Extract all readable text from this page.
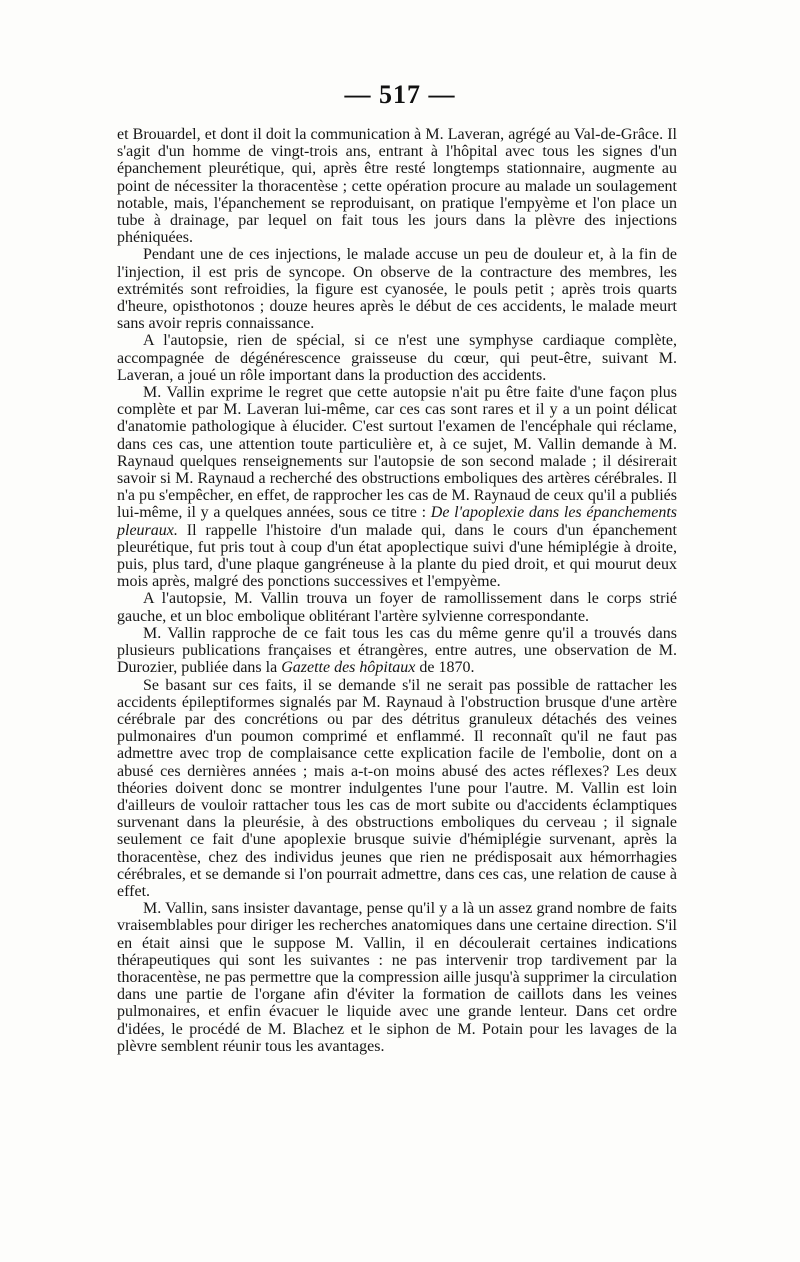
— 517 —

et Brouardel, et dont il doit la communication à M. Laveran, agrégé au Val-de-Grâce. Il s'agit d'un homme de vingt-trois ans, entrant à l'hôpital avec tous les signes d'un épanchement pleurétique, qui, après être resté longtemps stationnaire, augmente au point de nécessiter la thoracentèse ; cette opération procure au malade un soulagement notable, mais, l'épanchement se reproduisant, on pratique l'empyème et l'on place un tube à drainage, par lequel on fait tous les jours dans la plèvre des injections phéniquées.

Pendant une de ces injections, le malade accuse un peu de douleur et, à la fin de l'injection, il est pris de syncope. On observe de la contracture des membres, les extrémités sont refroidies, la figure est cyanosée, le pouls petit ; après trois quarts d'heure, opisthotonos ; douze heures après le début de ces accidents, le malade meurt sans avoir repris connaissance.

A l'autopsie, rien de spécial, si ce n'est une symphyse cardiaque complète, accompagnée de dégénérescence graisseuse du cœur, qui peut-être, suivant M. Laveran, a joué un rôle important dans la production des accidents.

M. Vallin exprime le regret que cette autopsie n'ait pu être faite d'une façon plus complète et par M. Laveran lui-même, car ces cas sont rares et il y a un point délicat d'anatomie pathologique à élucider. C'est surtout l'examen de l'encéphale qui réclame, dans ces cas, une attention toute particulière et, à ce sujet, M. Vallin demande à M. Raynaud quelques renseignements sur l'autopsie de son second malade ; il désirerait savoir si M. Raynaud a recherché des obstructions emboliques des artères cérébrales. Il n'a pu s'empêcher, en effet, de rapprocher les cas de M. Raynaud de ceux qu'il a publiés lui-même, il y a quelques années, sous ce titre : De l'apoplexie dans les épanchements pleuraux. Il rappelle l'histoire d'un malade qui, dans le cours d'un épanchement pleurétique, fut pris tout à coup d'un état apoplectique suivi d'une hémiplégie à droite, puis, plus tard, d'une plaque gangréneuse à la plante du pied droit, et qui mourut deux mois après, malgré des ponctions successives et l'empyème.

A l'autopsie, M. Vallin trouva un foyer de ramollissement dans le corps strié gauche, et un bloc embolique oblitérant l'artère sylvienne correspondante.

M. Vallin rapproche de ce fait tous les cas du même genre qu'il a trouvés dans plusieurs publications françaises et étrangères, entre autres, une observation de M. Durozier, publiée dans la Gazette des hôpitaux de 1870.

Se basant sur ces faits, il se demande s'il ne serait pas possible de rattacher les accidents épileptiformes signalés par M. Raynaud à l'obstruction brusque d'une artère cérébrale par des concrétions ou par des détritus granuleux détachés des veines pulmonaires d'un poumon comprimé et enflammé. Il reconnaît qu'il ne faut pas admettre avec trop de complaisance cette explication facile de l'embolie, dont on a abusé ces dernières années ; mais a-t-on moins abusé des actes réflexes? Les deux théories doivent donc se montrer indulgentes l'une pour l'autre. M. Vallin est loin d'ailleurs de vouloir rattacher tous les cas de mort subite ou d'accidents éclamptiques survenant dans la pleurésie, à des obstructions emboliques du cerveau ; il signale seulement ce fait d'une apoplexie brusque suivie d'hémiplégie survenant, après la thoracentèse, chez des individus jeunes que rien ne prédisposait aux hémorrhagies cérébrales, et se demande si l'on pourrait admettre, dans ces cas, une relation de cause à effet.

M. Vallin, sans insister davantage, pense qu'il y a là un assez grand nombre de faits vraisemblables pour diriger les recherches anatomiques dans une certaine direction. S'il en était ainsi que le suppose M. Vallin, il en découlerait certaines indications thérapeutiques qui sont les suivantes : ne pas intervenir trop tardivement par la thoracentèse, ne pas permettre que la compression aille jusqu'à supprimer la circulation dans une partie de l'organe afin d'éviter la formation de caillots dans les veines pulmonaires, et enfin évacuer le liquide avec une grande lenteur. Dans cet ordre d'idées, le procédé de M. Blachez et le siphon de M. Potain pour les lavages de la plèvre semblent réunir tous les avantages.
